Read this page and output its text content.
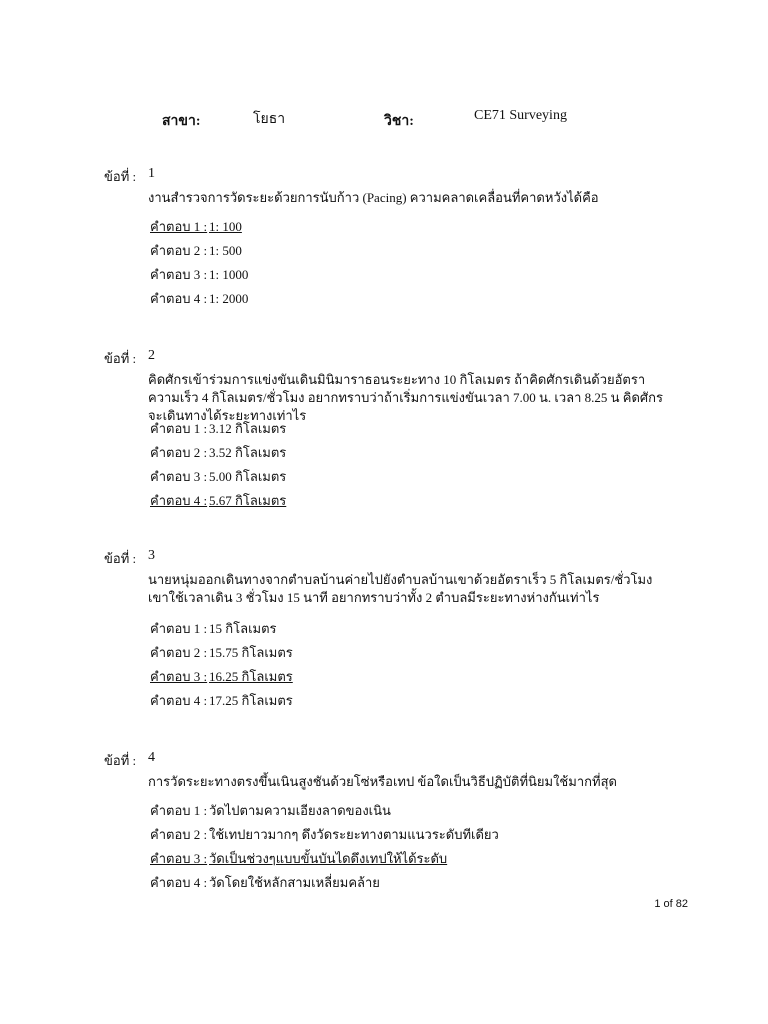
สาขา:	โยธา	วิชา:	CE71 Surveying
ข้อที่ : 1
งานสำรวจการวัดระยะด้วยการนับก้าว (Pacing) ความคลาดเคลื่อนที่คาดหวังได้คือ
คำตอบ 1 : 1: 100
คำตอบ 2 : 1: 500
คำตอบ 3 : 1: 1000
คำตอบ 4 : 1: 2000
ข้อที่ : 2
คิดศักรเข้าร่วมการแข่งขันเดินมินิมาราธอนระยะทาง 10 กิโลเมตร ถ้าคิดศักรเดินด้วยอัตราความเร็ว 4 กิโลเมตร/ชั่วโมง อยากทราบว่าถ้าเริ่มการแข่งขันเวลา 7.00 น. เวลา 8.25 น คิดศักรจะเดินทางได้ระยะทางเท่าไร
คำตอบ 1 : 3.12 กิโลเมตร
คำตอบ 2 : 3.52 กิโลเมตร
คำตอบ 3 : 5.00 กิโลเมตร
คำตอบ 4 : 5.67 กิโลเมตร
ข้อที่ : 3
นายหนุ่มออกเดินทางจากตำบลบ้านค่ายไปยังตำบลบ้านเขาด้วยอัตราเร็ว 5 กิโลเมตร/ชั่วโมง เขาใช้เวลาเดิน 3 ชั่วโมง 15 นาที อยากทราบว่าทั้ง 2 ตำบลมีระยะทางห่างกันเท่าไร
คำตอบ 1 : 15 กิโลเมตร
คำตอบ 2 : 15.75 กิโลเมตร
คำตอบ 3 : 16.25 กิโลเมตร
คำตอบ 4 : 17.25 กิโลเมตร
ข้อที่ : 4
การวัดระยะทางตรงขึ้นเนินสูงชันด้วยโซ่หรือเทป ข้อใดเป็นวิธีปฏิบัติที่นิยมใช้มากที่สุด
คำตอบ 1 : วัดไปตามความเอียงลาดของเนิน
คำตอบ 2 : ใช้เทปยาวมากๆ ดึงวัดระยะทางตามแนวระดับทีเดียว
คำตอบ 3 : วัดเป็นช่วงๆแบบขั้นบันไดดึงเทปให้ได้ระดับ
คำตอบ 4 : วัดโดยใช้หลักสามเหลี่ยมคล้าย
1 of 82
